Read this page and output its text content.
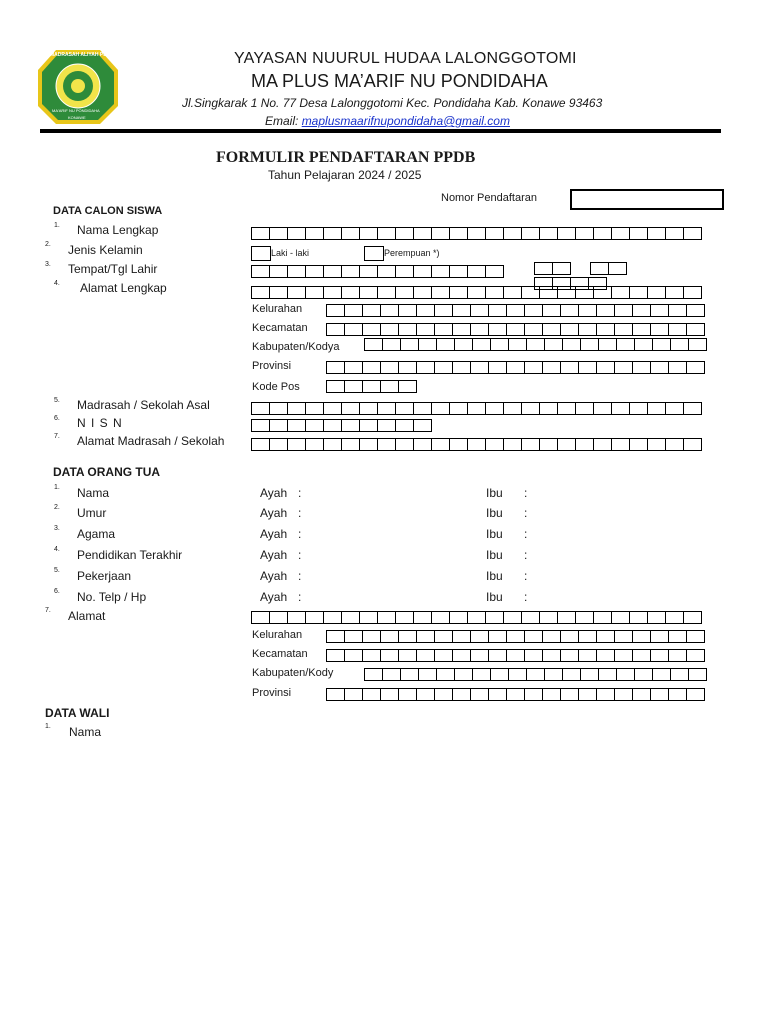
MADRASAH ALIYAH PLUS
MA'ARIF NU PONDIDAHA
KONAWE
YAYASAN NUURUL HUDAA LALONGGOTOMI
MA PLUS MA’ARIF NU PONDIDAHA
Jl.Singkarak 1 No. 77 Desa Lalonggotomi Kec. Pondidaha Kab. Konawe 93463
Email: maplusmaarifnupondidaha@gmail.com
FORMULIR PENDAFTARAN PPDB
Tahun Pelajaran 2024 / 2025
Nomor Pendaftaran
DATA CALON SISWA
1. Nama Lengkap
2. Jenis Kelamin	Laki - laki	Perempuan *)
3. Tempat/Tgl Lahir
4. Alamat Lengkap
Kelurahan
Kecamatan
Kabupaten/Kodya
Provinsi
Kode Pos
5. Madrasah / Sekolah Asal
6. N I S N
7. Alamat Madrasah / Sekolah
DATA ORANG TUA
1. Nama	Ayah :	Ibu :
2. Umur	Ayah :	Ibu :
3. Agama	Ayah :	Ibu :
4. Pendidikan Terakhir	Ayah :	Ibu :
5. Pekerjaan	Ayah :	Ibu :
6. No. Telp / Hp	Ayah :	Ibu :
7. Alamat
Kelurahan
Kecamatan
Kabupaten/Kody
Provinsi
DATA WALI
1. Nama
